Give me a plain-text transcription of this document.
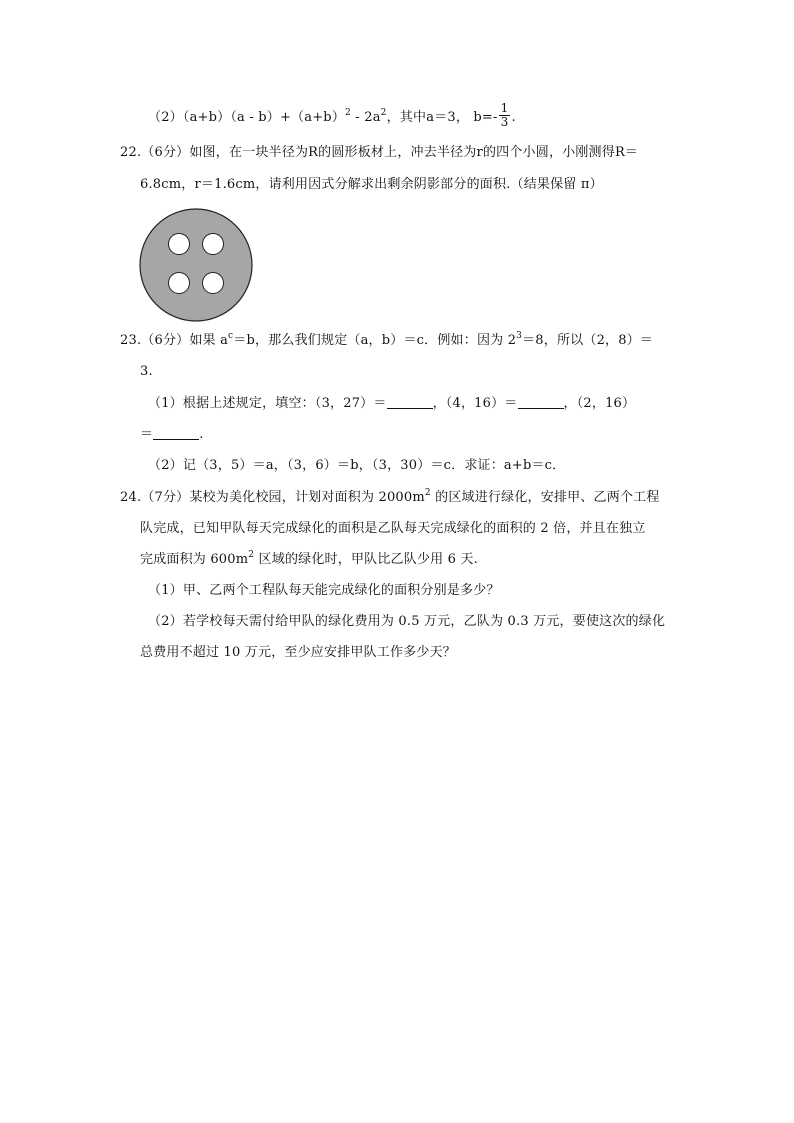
$(2)(a+b)(a - b)+(a+b)^2 - 2a^2$，其中a＝3， $b=- \frac{1}{3}$ .
22.（6分）如图，在一块半径为R的圆形板材上，冲去半径为r的四个小圆，小刚测得R＝
6.8cm，r＝1.6cm，请利用因式分解求出剩余阴影部分的面积.（结果保留 π）
23.（6分）如果 $a^c=b$，那么我们规定（a，b）＝c．例如：因为 $2^3=8$，所以（2，8）＝
3.
（1）根据上述规定，填空：（3，27）＝	，（4，16）＝	，（2，16）
＝	.
（2）记（3，5）＝a，（3，6）＝b，（3，30）＝c．求证：a+b＝c．
24.（7分）某校为美化校园，计划对面积为 $2000m^2$ 的区域进行绿化，安排甲、乙两个工程
队完成，已知甲队每天完成绿化的面积是乙队每天完成绿化的面积的 2 倍，并且在独立
完成面积为 $600m^2$ 区域的绿化时，甲队比乙队少用 6 天.
（1）甲、乙两个工程队每天能完成绿化的面积分别是多少？
（2）若学校每天需付给甲队的绿化费用为 0.5 万元，乙队为 0.3 万元，要使这次的绿化
总费用不超过 10 万元，至少应安排甲队工作多少天？
